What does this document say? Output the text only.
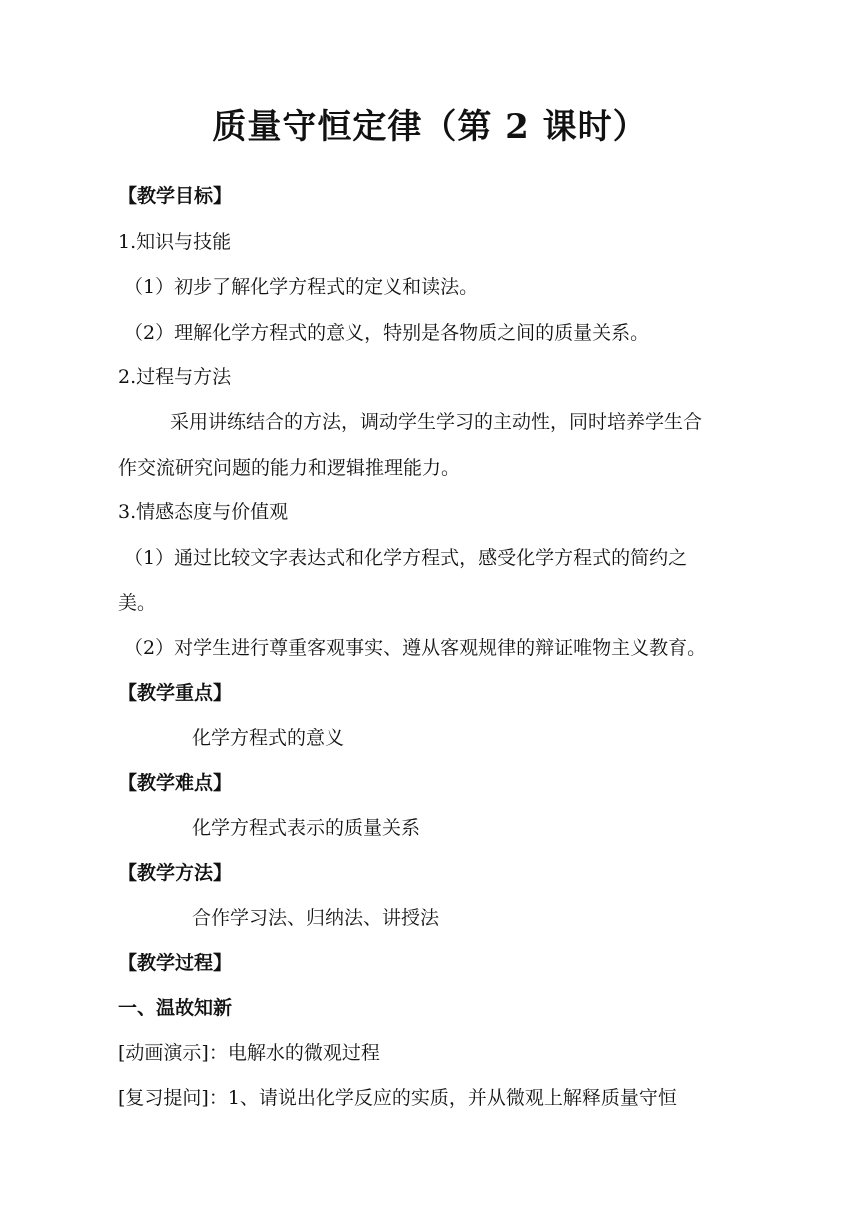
质量守恒定律（第 2 课时）
【教学目标】
1.知识与技能
（1）初步了解化学方程式的定义和读法。
（2）理解化学方程式的意义，特别是各物质之间的质量关系。
2.过程与方法
采用讲练结合的方法，调动学生学习的主动性，同时培养学生合
作交流研究问题的能力和逻辑推理能力。
3.情感态度与价值观
（1）通过比较文字表达式和化学方程式，感受化学方程式的简约之
美。
（2）对学生进行尊重客观事实、遵从客观规律的辩证唯物主义教育。
【教学重点】
化学方程式的意义
【教学难点】
化学方程式表示的质量关系
【教学方法】
合作学习法、归纳法、讲授法
【教学过程】
一、温故知新
[动画演示]：电解水的微观过程
[复习提问]：1、请说出化学反应的实质，并从微观上解释质量守恒
